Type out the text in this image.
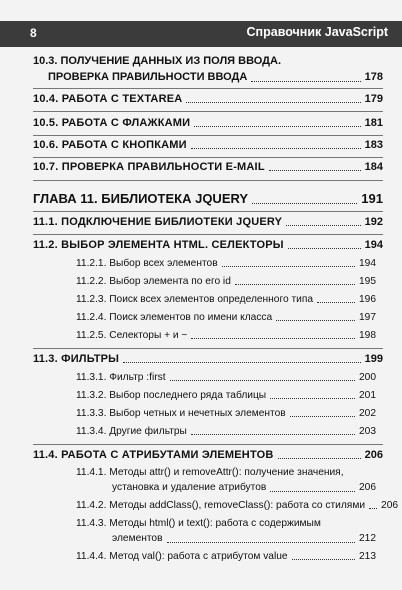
8	Справочник JavaScript
10.3. ПОЛУЧЕНИЕ ДАННЫХ ИЗ ПОЛЯ ВВОДА.
ПРОВЕРКА ПРАВИЛЬНОСТИ ВВОДА	178
10.4. РАБОТА С TEXTAREA	179
10.5. РАБОТА С ФЛАЖКАМИ	181
10.6. РАБОТА С КНОПКАМИ	183
10.7. ПРОВЕРКА ПРАВИЛЬНОСТИ E-MAIL	184
ГЛАВА 11. БИБЛИОТЕКА JQUERY	191
11.1. ПОДКЛЮЧЕНИЕ БИБЛИОТЕКИ JQUERY	192
11.2. ВЫБОР ЭЛЕМЕНТА HTML. СЕЛЕКТОРЫ	194
11.2.1. Выбор всех элементов	194
11.2.2. Выбор элемента по его id	195
11.2.3. Поиск всех элементов определенного типа	196
11.2.4. Поиск элементов по имени класса	197
11.2.5. Селекторы + и ~	198
11.3. ФИЛЬТРЫ	199
11.3.1. Фильтр :first	200
11.3.2. Выбор последнего ряда таблицы	201
11.3.3. Выбор четных и нечетных элементов	202
11.3.4. Другие фильтры	203
11.4. РАБОТА С АТРИБУТАМИ ЭЛЕМЕНТОВ	206
11.4.1. Методы attr() и removeAttr(): получение значения,
установка и удаление атрибутов	206
11.4.2. Методы addClass(), removeClass(): работа со стилями 206
11.4.3. Методы html() и text(): работа с содержимым
элементов	212
11.4.4. Метод val(): работа с атрибутом value	213
